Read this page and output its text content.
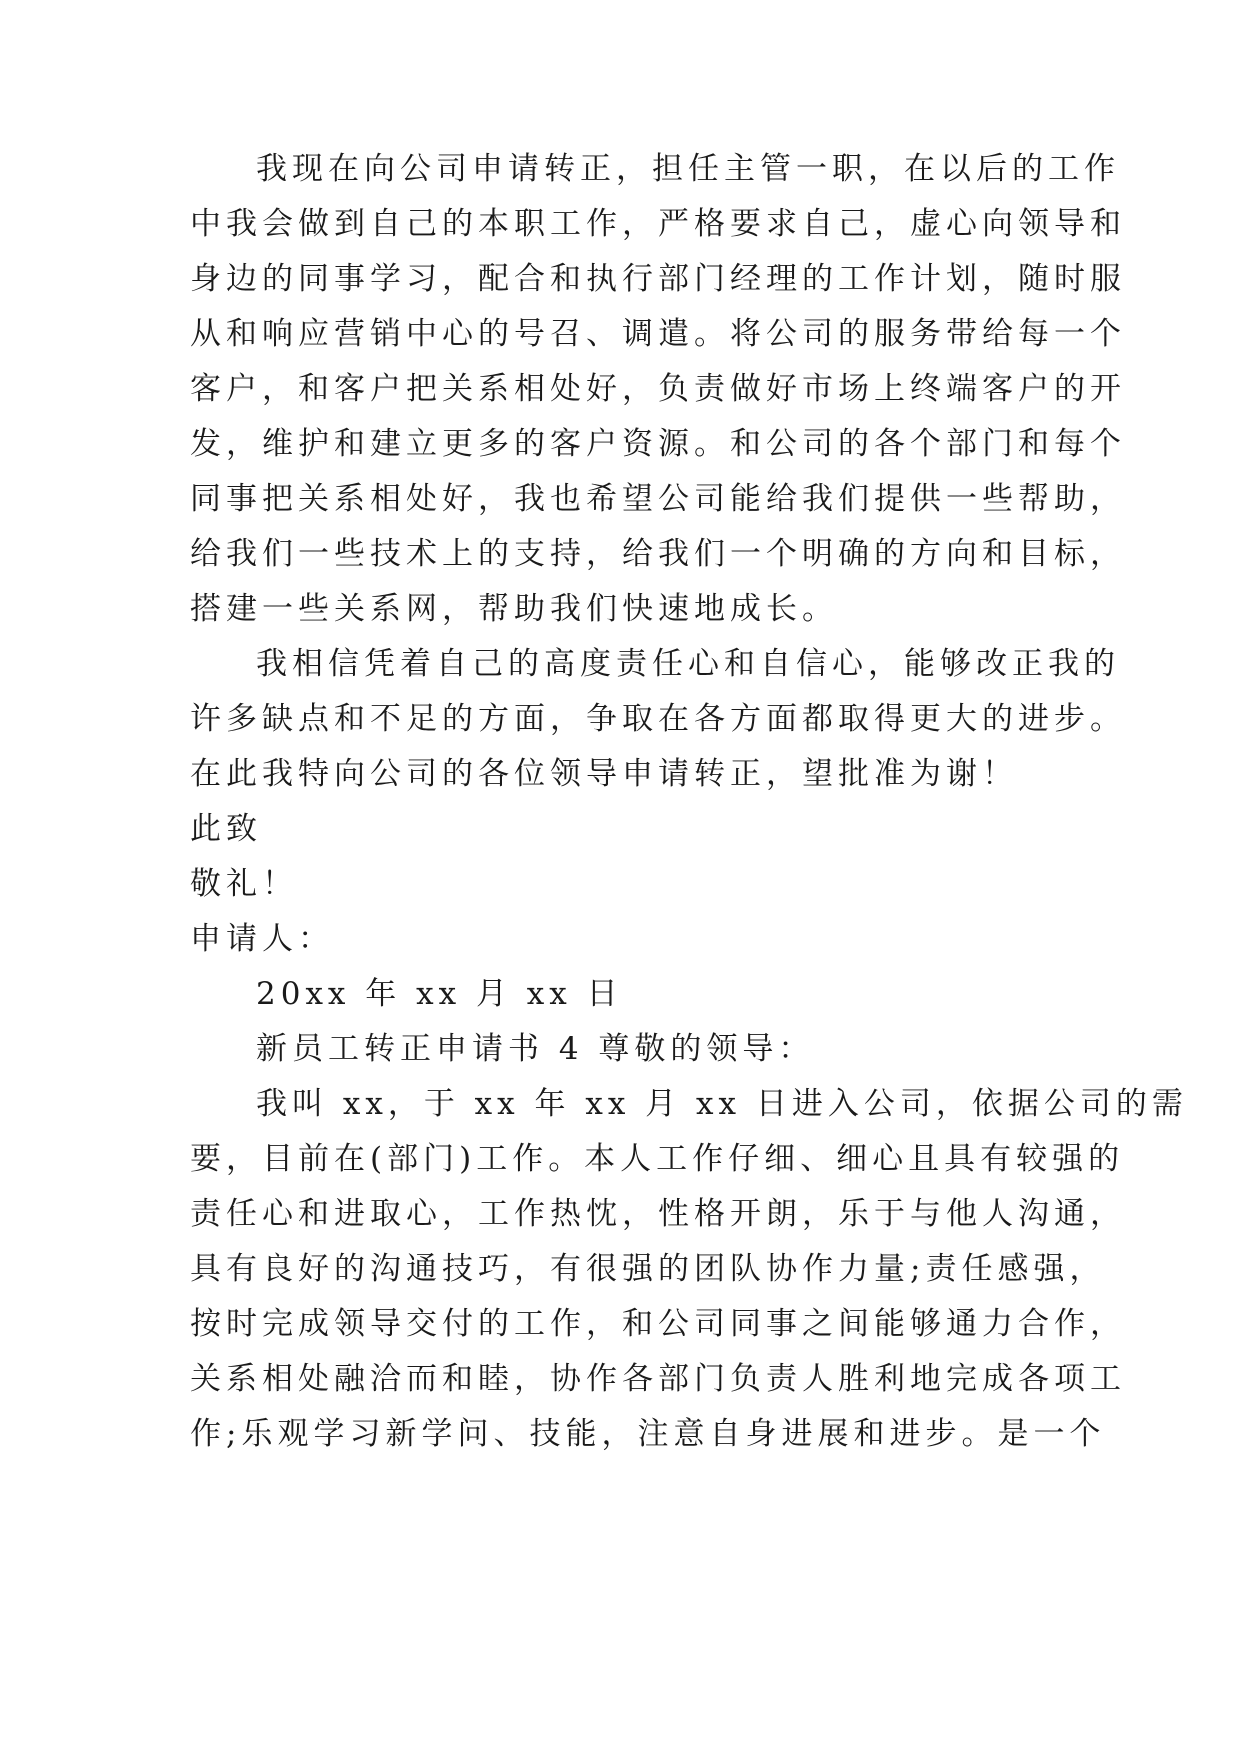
我现在向公司申请转正，担任主管一职，在以后的工作
中我会做到自己的本职工作，严格要求自己，虚心向领导和
身边的同事学习，配合和执行部门经理的工作计划，随时服
从和响应营销中心的号召、调遣。将公司的服务带给每一个
客户，和客户把关系相处好，负责做好市场上终端客户的开
发，维护和建立更多的客户资源。和公司的各个部门和每个
同事把关系相处好，我也希望公司能给我们提供一些帮助，
给我们一些技术上的支持，给我们一个明确的方向和目标，
搭建一些关系网，帮助我们快速地成长。
我相信凭着自己的高度责任心和自信心，能够改正我的
许多缺点和不足的方面，争取在各方面都取得更大的进步。
在此我特向公司的各位领导申请转正，望批准为谢！
此致
敬礼！
申请人：
20xx 年 xx 月 xx 日
新员工转正申请书 4 尊敬的领导：
我叫 xx，于 xx 年 xx 月 xx 日进入公司，依据公司的需
要，目前在(部门)工作。本人工作仔细、细心且具有较强的
责任心和进取心，工作热忱，性格开朗，乐于与他人沟通，
具有良好的沟通技巧，有很强的团队协作力量;责任感强，
按时完成领导交付的工作，和公司同事之间能够通力合作，
关系相处融洽而和睦，协作各部门负责人胜利地完成各项工
作;乐观学习新学问、技能，注意自身进展和进步。是一个
